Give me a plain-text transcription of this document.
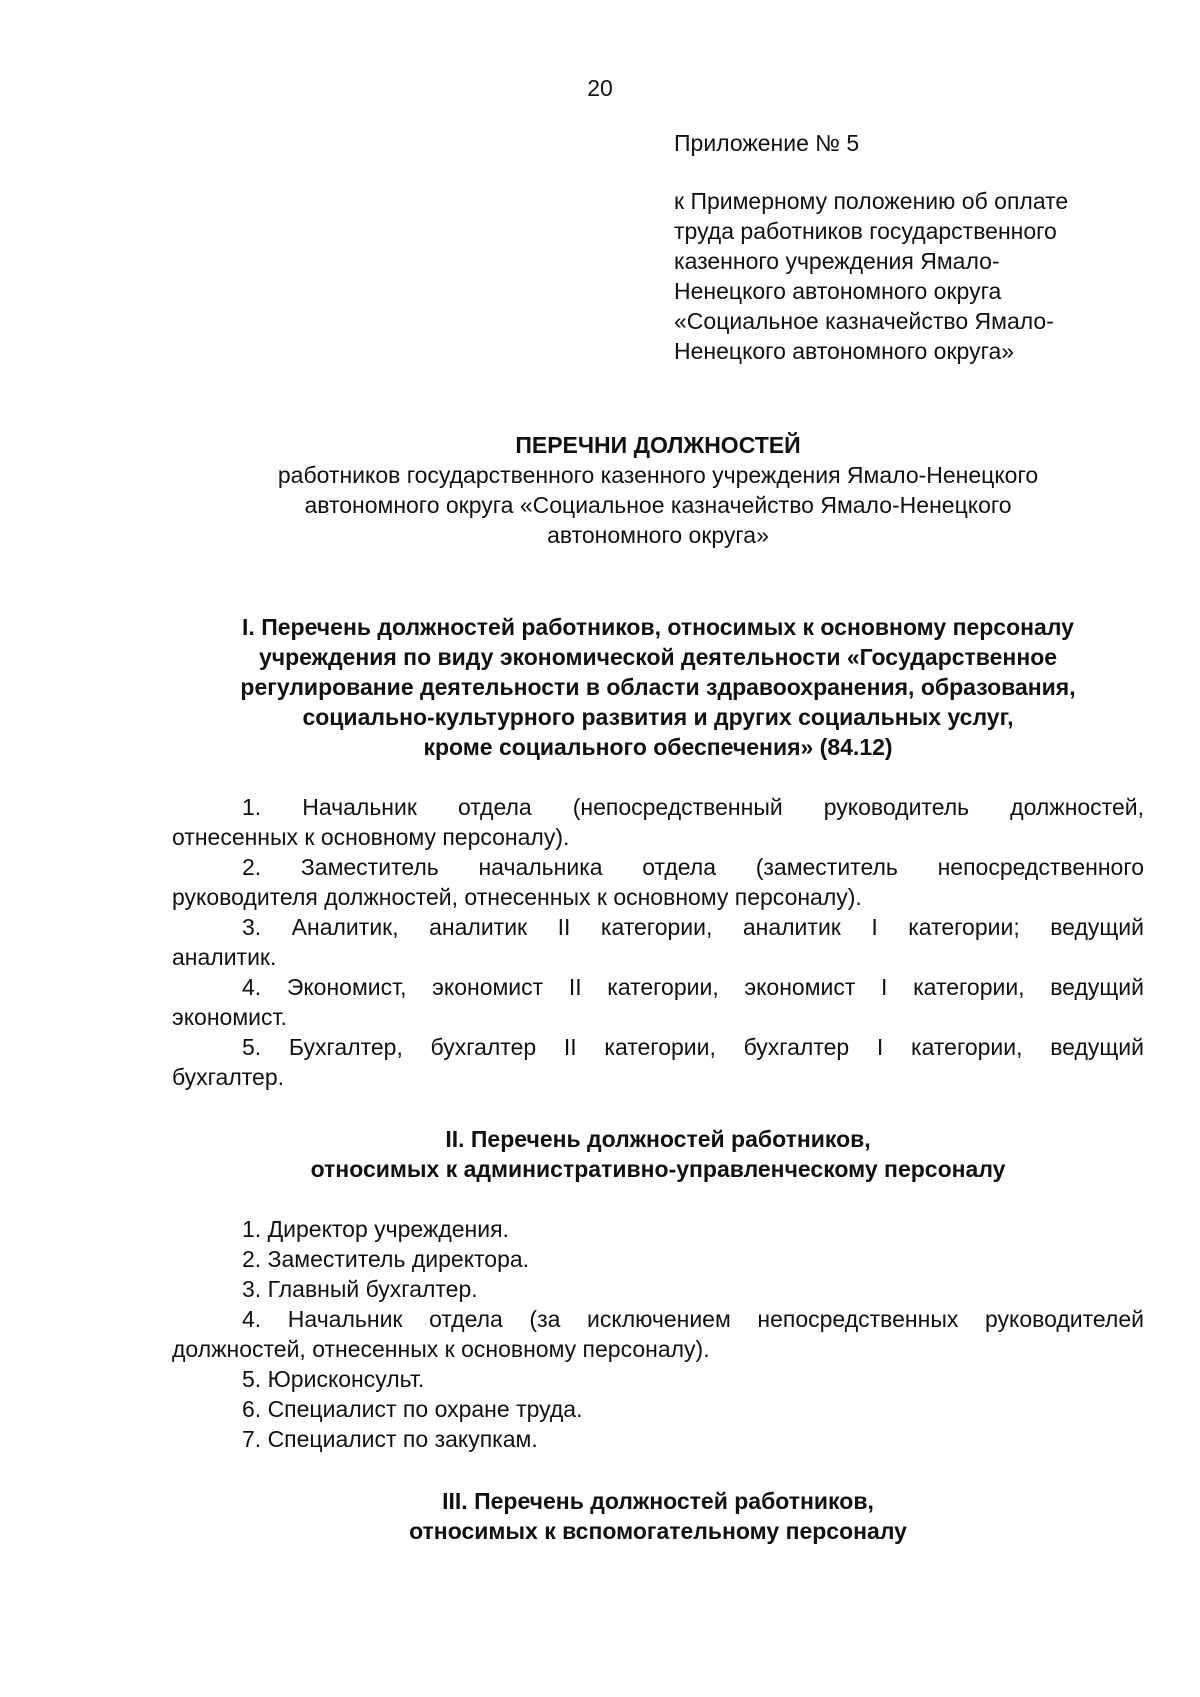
20

Приложение № 5

к Примерному положению об оплате

труда работников государственного

казенного учреждения Ямало-

Ненецкого автономного округа

«Социальное казначейство Ямало-

Ненецкого автономного округа»

ПЕРЕЧНИ ДОЛЖНОСТЕЙ

работников государственного казенного учреждения Ямало-Ненецкого

автономного округа «Социальное казначейство Ямало-Ненецкого

автономного округа»

I. Перечень должностей работников, относимых к основному персоналу
учреждения по виду экономической деятельности «Государственное
регулирование деятельности в области здравоохранения, образования,
социально-культурного развития и других социальных услуг,
кроме социального обеспечения» (84.12)
1. Начальник отдела (непосредственный руководитель должностей,
отнесенных к основному персоналу).
2. Заместитель начальника отдела (заместитель непосредственного
руководителя должностей, отнесенных к основному персоналу).
3. Аналитик, аналитик II категории, аналитик I категории; ведущий
аналитик.
4. Экономист, экономист II категории, экономист I категории, ведущий
экономист.
5. Бухгалтер, бухгалтер II категории, бухгалтер I категории, ведущий
бухгалтер.
II. Перечень должностей работников,
относимых к административно-управленческому персоналу
1. Директор учреждения.
2. Заместитель директора.
3. Главный бухгалтер.
4. Начальник отдела (за исключением непосредственных руководителей
должностей, отнесенных к основному персоналу).
5. Юрисконсульт.
6. Специалист по охране труда.
7. Специалист по закупкам.
III. Перечень должностей работников,
относимых к вспомогательному персоналу
